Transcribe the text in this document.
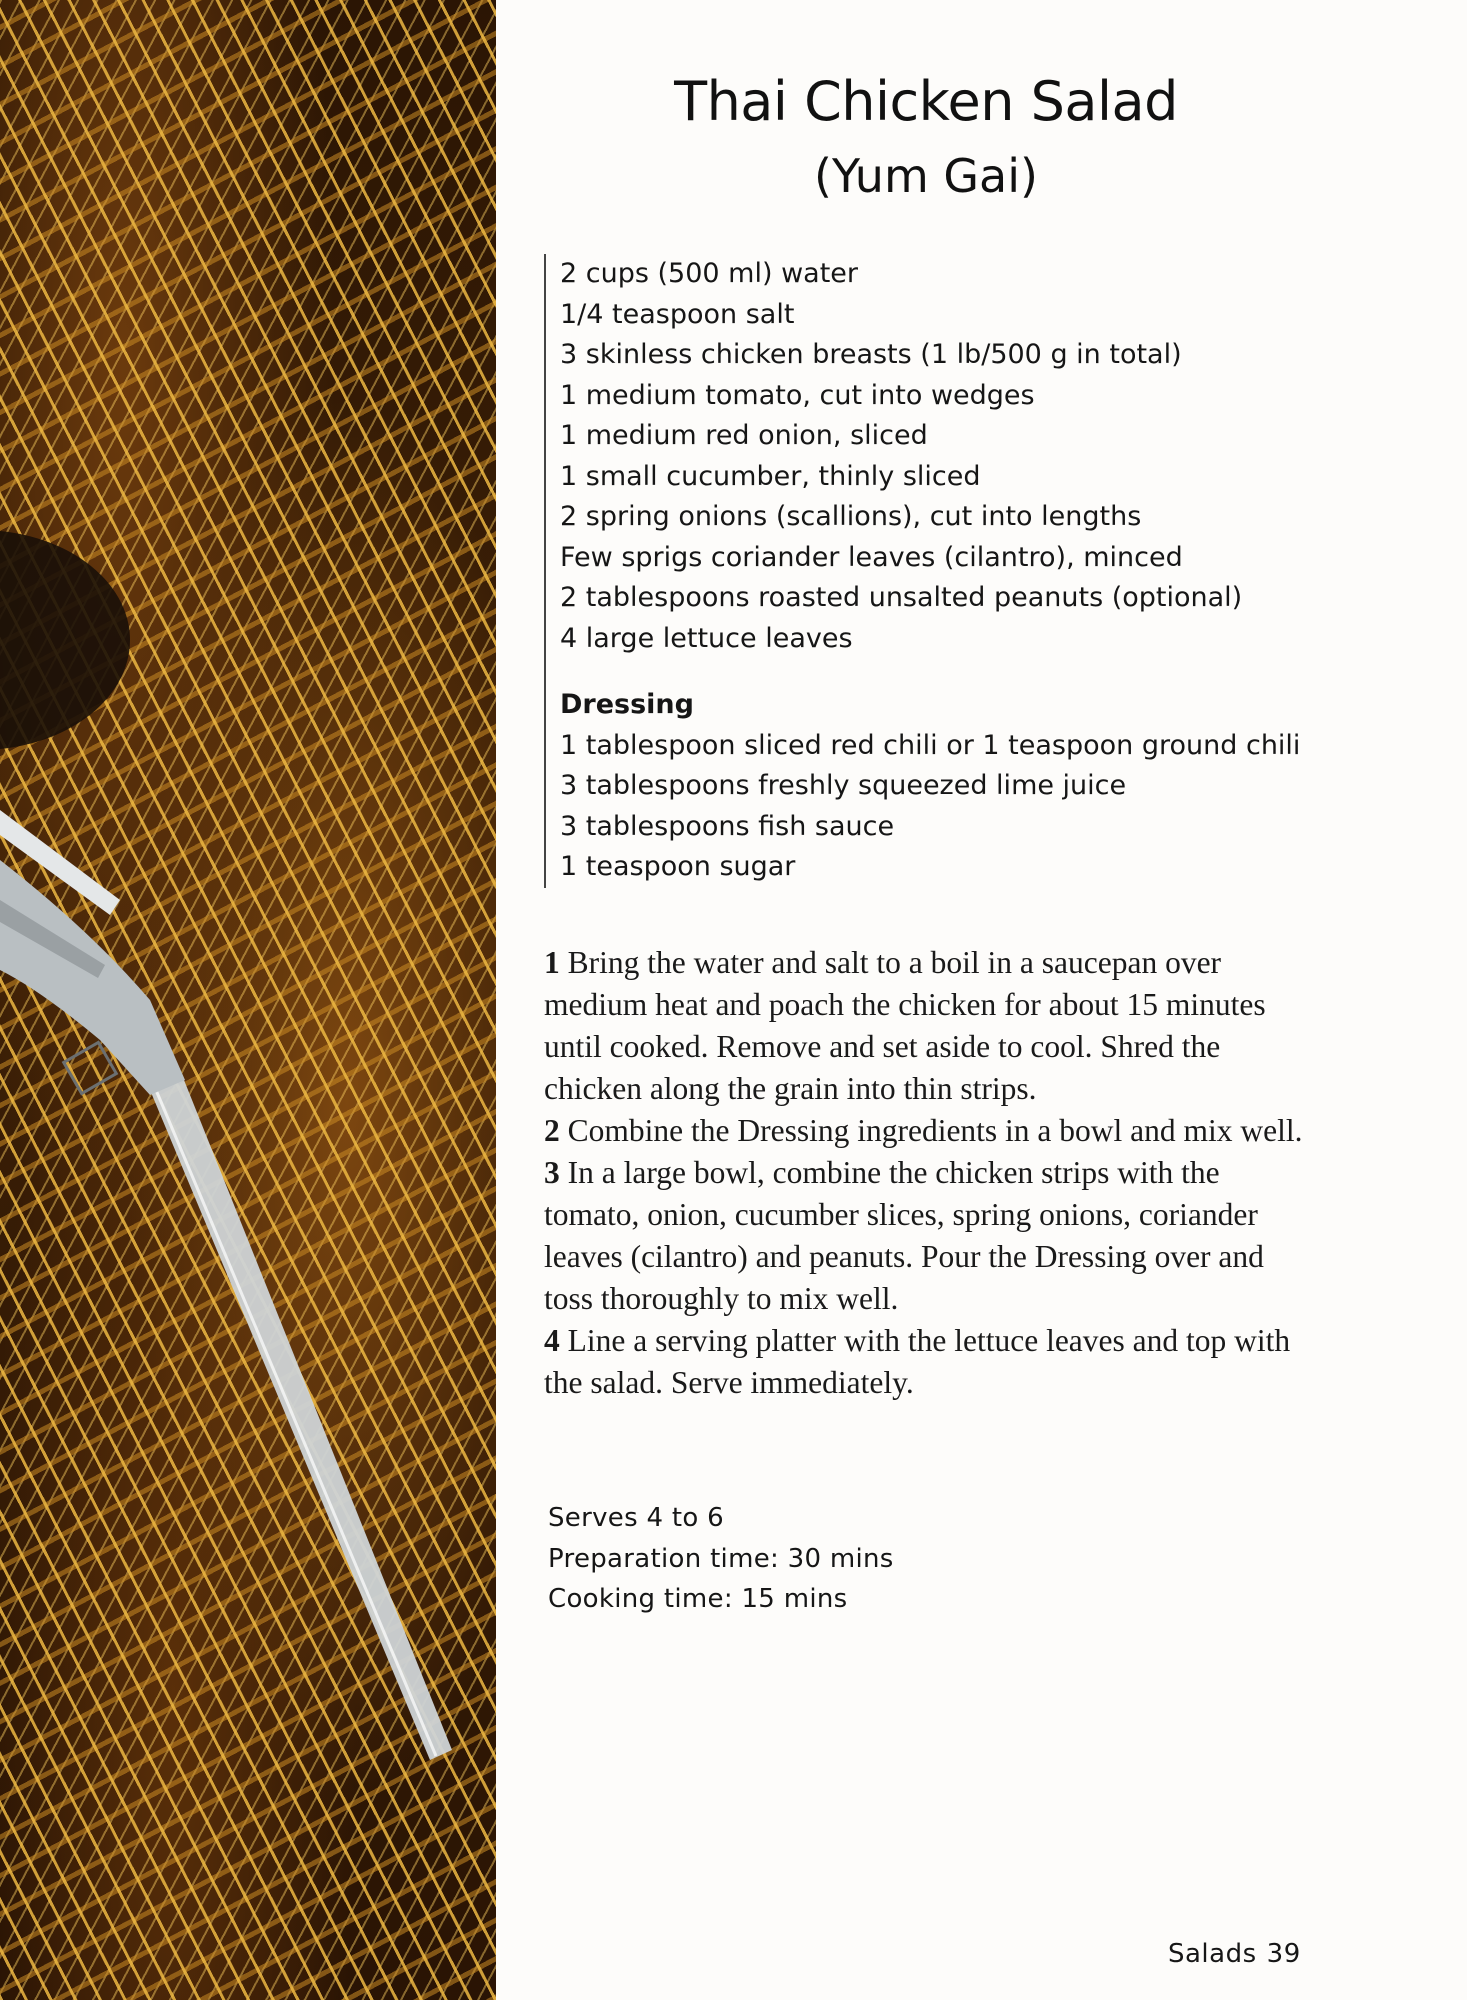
Thai Chicken Salad
(Yum Gai)
2 cups (500 ml) water
1/4 teaspoon salt
3 skinless chicken breasts (1 lb/500 g in total)
1 medium tomato, cut into wedges
1 medium red onion, sliced
1 small cucumber, thinly sliced
2 spring onions (scallions), cut into lengths
Few sprigs coriander leaves (cilantro), minced
2 tablespoons roasted unsalted peanuts (optional)
4 large lettuce leaves
Dressing
1 tablespoon sliced red chili or 1 teaspoon ground chili
3 tablespoons freshly squeezed lime juice
3 tablespoons fish sauce
1 teaspoon sugar

1 Bring the water and salt to a boil in a saucepan over medium heat and poach the chicken for about 15 minutes until cooked. Remove and set aside to cool. Shred the chicken along the grain into thin strips.

2 Combine the Dressing ingredients in a bowl and mix well.

3 In a large bowl, combine the chicken strips with the tomato, onion, cucumber slices, spring onions, coriander leaves (cilantro) and peanuts. Pour the Dressing over and toss thoroughly to mix well.

4 Line a serving platter with the lettuce leaves and top with the salad. Serve immediately.

Serves 4 to 6
Preparation time: 30 mins
Cooking time: 15 mins
Salads 39
